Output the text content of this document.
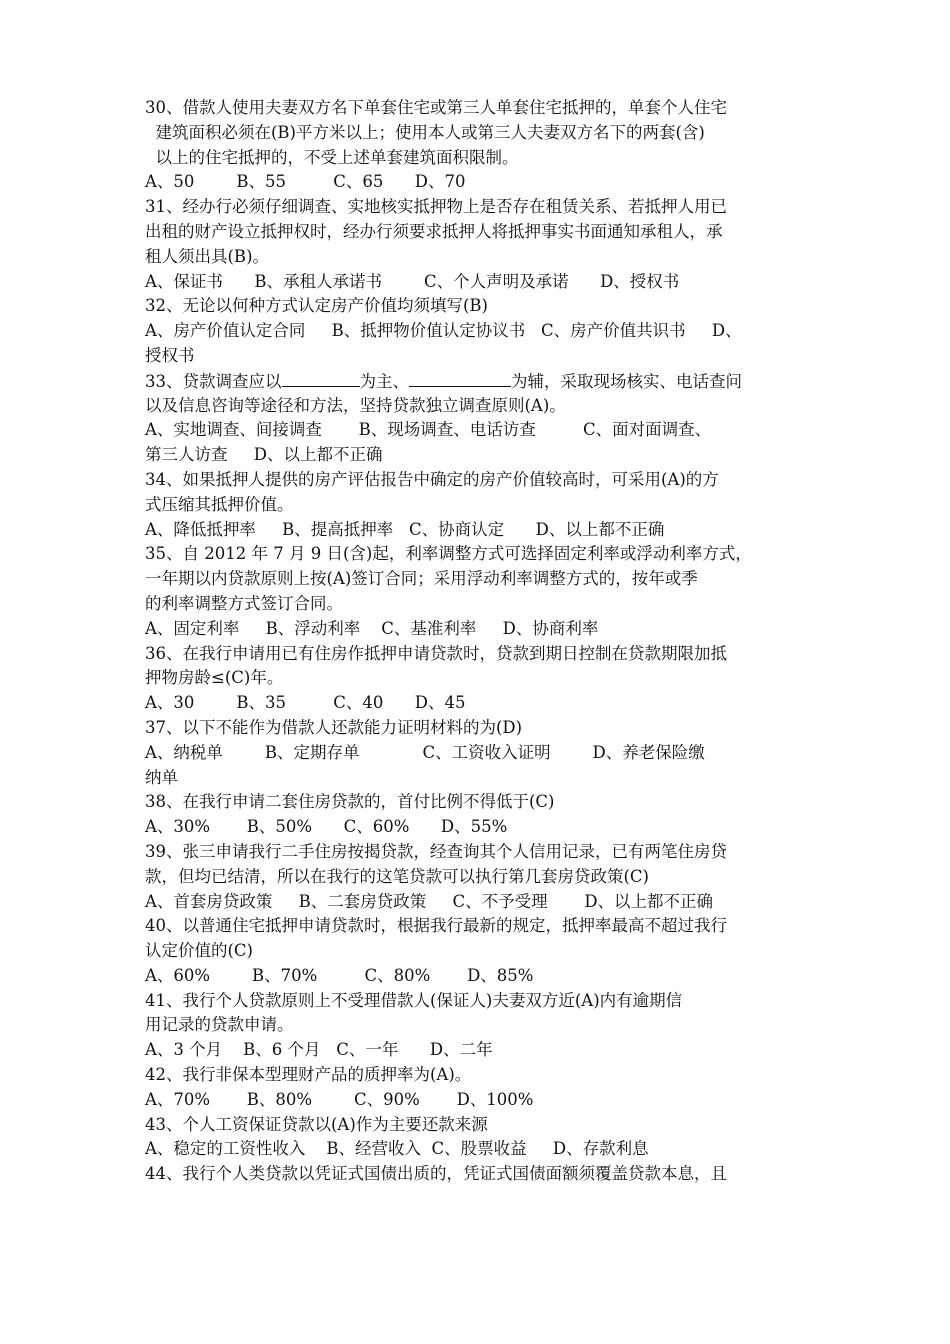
30、借款人使用夫妻双方名下单套住宅或第三人单套住宅抵押的，单套个人住宅
建筑面积必须在(B)平方米以上；使用本人或第三人夫妻双方名下的两套(含)
以上的住宅抵押的，不受上述单套建筑面积限制。
A、50        B、55         C、65      D、70
31、经办行必须仔细调查、实地核实抵押物上是否存在租赁关系、若抵押人用已
出租的财产设立抵押权时，经办行须要求抵押人将抵押事实书面通知承租人，承
租人须出具(B)。
A、保证书      B、承租人承诺书        C、个人声明及承诺      D、授权书
32、无论以何种方式认定房产价值均须填写(B)
A、房产价值认定合同     B、抵押物价值认定协议书   C、房产价值共识书     D、
授权书
33、贷款调查应以	为主、	为辅，采取现场核实、电话查问
以及信息咨询等途径和方法，坚持贷款独立调查原则(A)。
A、实地调查、间接调查       B、现场调查、电话访查         C、面对面调查、
第三人访查     D、以上都不正确
34、如果抵押人提供的房产评估报告中确定的房产价值较高时，可采用(A)的方
式压缩其抵押价值。
A、降低抵押率     B、提高抵押率   C、协商认定      D、以上都不正确
35、自 2012 年 7 月 9 日(含)起，利率调整方式可选择固定利率或浮动利率方式，
一年期以内贷款原则上按(A)签订合同；采用浮动利率调整方式的，按年或季
的利率调整方式签订合同。
A、固定利率     B、浮动利率    C、基准利率     D、协商利率
36、在我行申请用已有住房作抵押申请贷款时，贷款到期日控制在贷款期限加抵
押物房龄≤(C)年。
A、30        B、35         C、40      D、45
37、以下不能作为借款人还款能力证明材料的为(D)
A、纳税单        B、定期存单            C、工资收入证明        D、养老保险缴
纳单
38、在我行申请二套住房贷款的，首付比例不得低于(C)
A、30%       B、50%      C、60%      D、55%
39、张三申请我行二手住房按揭贷款，经查询其个人信用记录，已有两笔住房贷
款，但均已结清，所以在我行的这笔贷款可以执行第几套房贷政策(C)
A、首套房贷政策     B、二套房贷政策     C、不予受理       D、以上都不正确
40、以普通住宅抵押申请贷款时，根据我行最新的规定，抵押率最高不超过我行
认定价值的(C)
A、60%        B、70%         C、80%       D、85%
41、我行个人贷款原则上不受理借款人(保证人)夫妻双方近(A)内有逾期信
用记录的贷款申请。
A、3 个月    B、6 个月   C、一年      D、二年
42、我行非保本型理财产品的质押率为(A)。
A、70%       B、80%        C、90%       D、100%
43、个人工资保证贷款以(A)作为主要还款来源
A、稳定的工资性收入    B、经营收入  C、股票收益     D、存款利息
44、我行个人类贷款以凭证式国债出质的，凭证式国债面额须覆盖贷款本息，且
